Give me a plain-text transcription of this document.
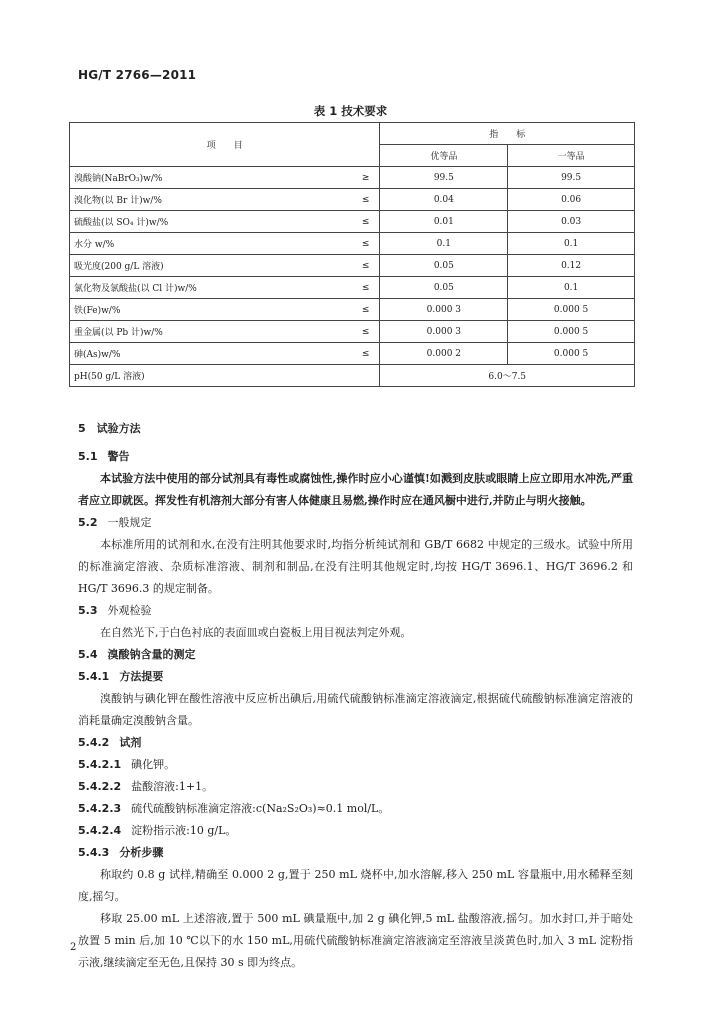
HG/T 2766—2011
表 1 技术要求
项　　目		指　　标	
		优等品	一等品
溴酸钠(NaBrO₃)w/%	≥	99.5	99.5
溴化物(以 Br 计)w/%	≤	0.04	0.06
硫酸盐(以 SO₄ 计)w/%	≤	0.01	0.03
水分 w/%	≤	0.1	0.1
吸光度(200 g/L 溶液)	≤	0.05	0.12
氯化物及氯酸盐(以 Cl 计)w/%	≤	0.05	0.1
铁(Fe)w/%	≤	0.000 3	0.000 5
重金属(以 Pb 计)w/%	≤	0.000 3	0.000 5
砷(As)w/%	≤	0.000 2	0.000 5
pH(50 g/L 溶液)		6.0～7.5	
5　试验方法
5.1 警告
本试验方法中使用的部分试剂具有毒性或腐蚀性,操作时应小心谨慎!如溅到皮肤或眼睛上应立即用水冲洗,严重者应立即就医。挥发性有机溶剂大部分有害人体健康且易燃,操作时应在通风橱中进行,并防止与明火接触。
5.2 一般规定
本标准所用的试剂和水,在没有注明其他要求时,均指分析纯试剂和 GB/T 6682 中规定的三级水。试验中所用的标准滴定溶液、杂质标准溶液、制剂和制品,在没有注明其他规定时,均按 HG/T 3696.1、HG/T 3696.2 和 HG/T 3696.3 的规定制备。
5.3 外观检验
在自然光下,于白色衬底的表面皿或白瓷板上用目视法判定外观。
5.4 溴酸钠含量的测定
5.4.1 方法提要
溴酸钠与碘化钾在酸性溶液中反应析出碘后,用硫代硫酸钠标准滴定溶液滴定,根据硫代硫酸钠标准滴定溶液的消耗量确定溴酸钠含量。
5.4.2 试剂
5.4.2.1 碘化钾。
5.4.2.2 盐酸溶液:1+1。
5.4.2.3 硫代硫酸钠标准滴定溶液:c(Na₂S₂O₃)≈0.1 mol/L。
5.4.2.4 淀粉指示液:10 g/L。
5.4.3 分析步骤
称取约 0.8 g 试样,精确至 0.000 2 g,置于 250 mL 烧杯中,加水溶解,移入 250 mL 容量瓶中,用水稀释至刻度,摇匀。
移取 25.00 mL 上述溶液,置于 500 mL 碘量瓶中,加 2 g 碘化钾,5 mL 盐酸溶液,摇匀。加水封口,并于暗处放置 5 min 后,加 10 ℃以下的水 150 mL,用硫代硫酸钠标准滴定溶液滴定至溶液呈淡黄色时,加入 3 mL 淀粉指示液,继续滴定至无色,且保持 30 s 即为终点。
2
